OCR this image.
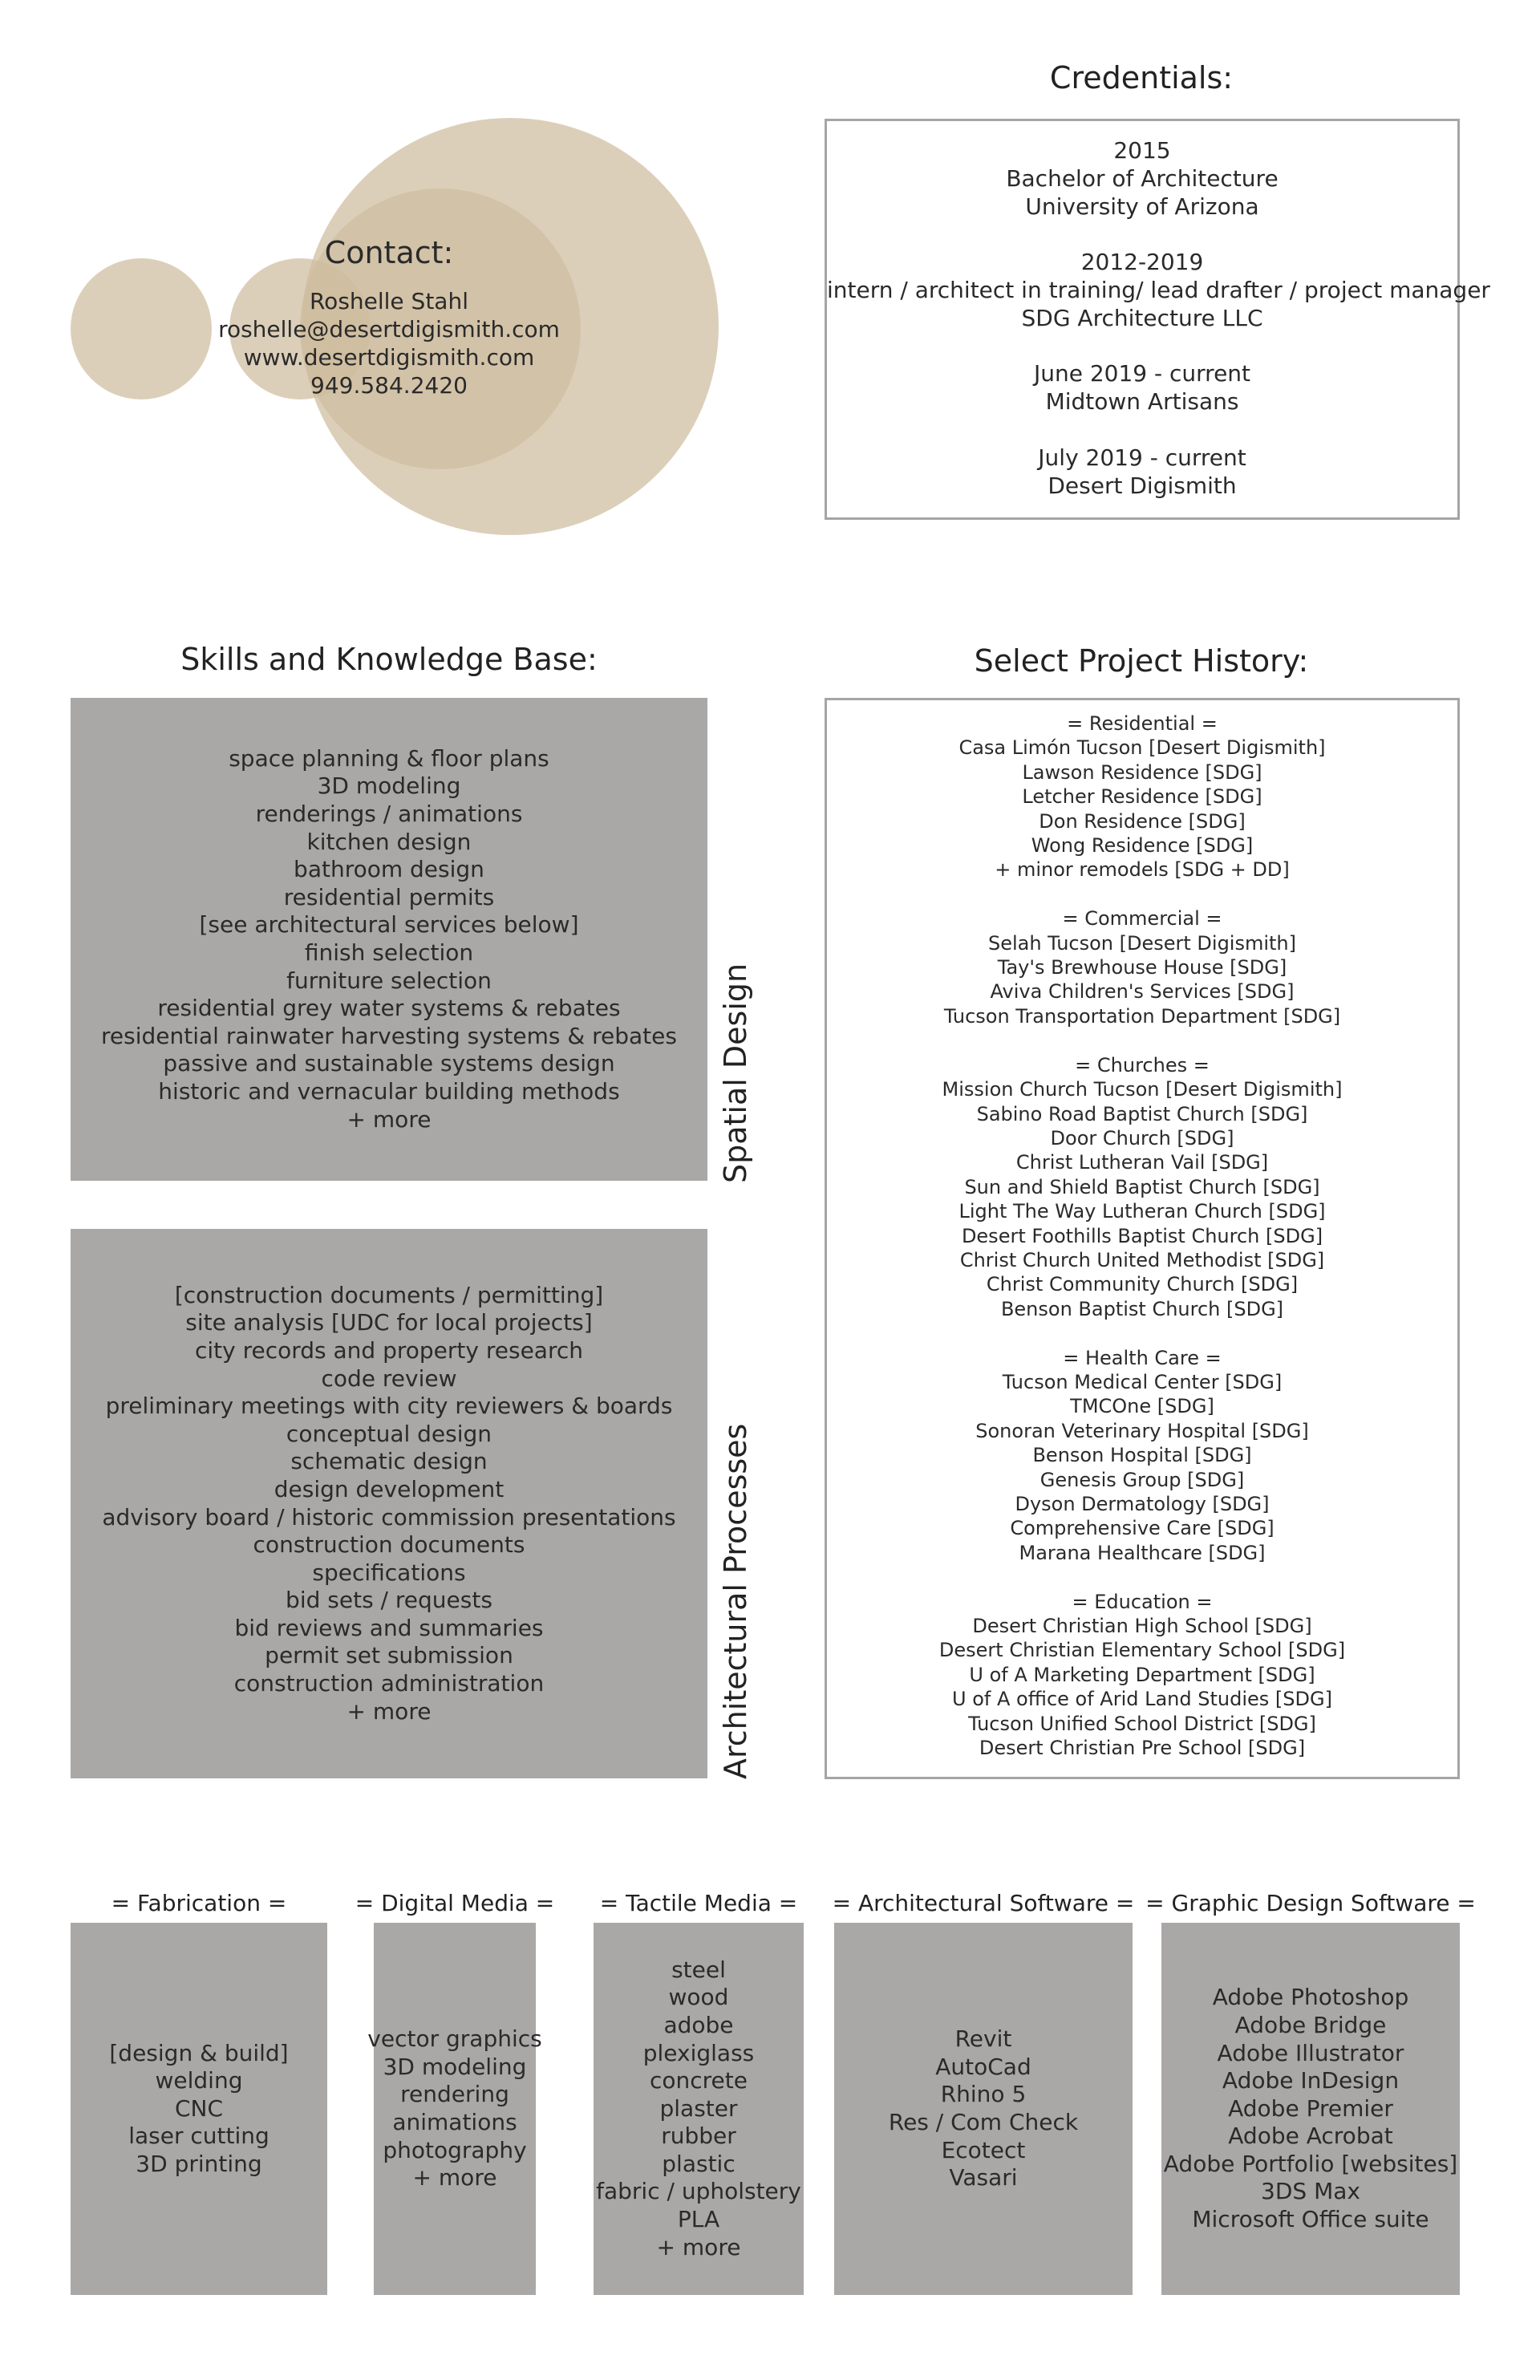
Contact:
Roshelle Stahl
roshelle@desertdigismith.com
www.desertdigismith.com
949.584.2420
Credentials:
2015
Bachelor of Architecture
University of Arizona

2012-2019
intern / architect in training/ lead drafter / project manager
SDG Architecture LLC

June 2019 - current
Midtown Artisans

July 2019 - current
Desert Digismith
Skills and Knowledge Base:
space planning & floor plans
3D modeling
renderings / animations
kitchen design
bathroom design
residential permits
[see architectural services below]
finish selection
furniture selection
residential grey water systems & rebates
residential rainwater harvesting systems & rebates
passive and sustainable systems design
historic and vernacular building methods
+ more	Spatial Design
[construction documents / permitting]
site analysis [UDC for local projects]
city records and property research
code review
preliminary meetings with city reviewers & boards
conceptual design
schematic design
design development
advisory board / historic commission presentations
construction documents
specifications
bid sets / requests
bid reviews and summaries
permit set submission
construction administration
+ more	Architectural Processes
Select Project History:
= Residential =
Casa Limón Tucson [Desert Digismith]
Lawson Residence [SDG]
Letcher Residence [SDG]
Don Residence [SDG]
Wong Residence [SDG]
+ minor remodels [SDG + DD]

= Commercial =
Selah Tucson [Desert Digismith]
Tay's Brewhouse House [SDG]
Aviva Children's Services [SDG]
Tucson Transportation Department [SDG]

= Churches =
Mission Church Tucson [Desert Digismith]
Sabino Road Baptist Church [SDG]
Door Church [SDG]
Christ Lutheran Vail [SDG]
Sun and Shield Baptist Church [SDG]
Light The Way Lutheran Church [SDG]
Desert Foothills Baptist Church [SDG]
Christ Church United Methodist [SDG]
Christ Community Church [SDG]
Benson Baptist Church [SDG]

= Health Care =
Tucson Medical Center [SDG]
TMCOne [SDG]
Sonoran Veterinary Hospital [SDG]
Benson Hospital [SDG]
Genesis Group [SDG]
Dyson Dermatology [SDG]
Comprehensive Care [SDG]
Marana Healthcare [SDG]

= Education =
Desert Christian High School [SDG]
Desert Christian Elementary School [SDG]
U of A Marketing Department [SDG]
U of A office of Arid Land Studies [SDG]
Tucson Unified School District [SDG]
Desert Christian Pre School [SDG]
= Fabrication =
[design & build]
welding
CNC
laser cutting
3D printing
= Digital Media =
vector graphics
3D modeling
rendering
animations
photography
+ more
= Tactile Media =
steel
wood
adobe
plexiglass
concrete
plaster
rubber
plastic
fabric / upholstery
PLA
+ more
= Architectural Software =
Revit
AutoCad
Rhino 5
Res / Com Check
Ecotect
Vasari
= Graphic Design Software =
Adobe Photoshop
Adobe Bridge
Adobe Illustrator
Adobe InDesign
Adobe Premier
Adobe Acrobat
Adobe Portfolio [websites]
3DS Max
Microsoft Office suite
